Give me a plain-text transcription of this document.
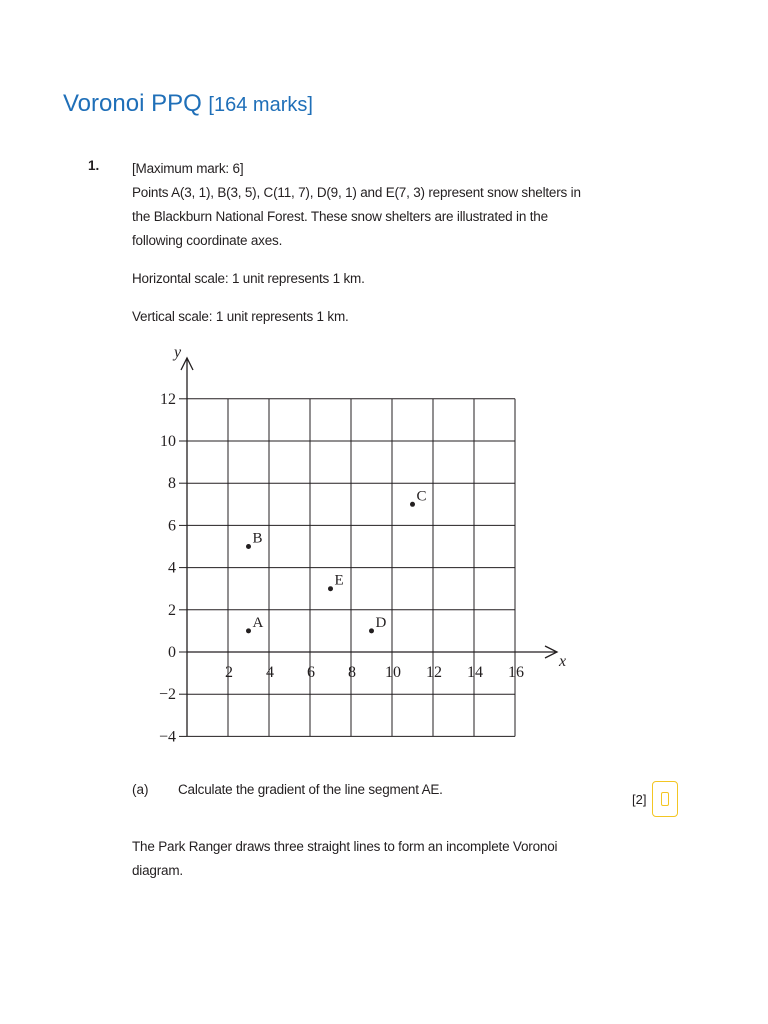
Voronoi PPQ [164 marks]
1. [Maximum mark: 6]

Points A(3, 1), B(3, 5), C(11, 7), D(9, 1) and E(7, 3) represent snow shelters in the Blackburn National Forest. These snow shelters are illustrated in the following coordinate axes.

Horizontal scale: 1 unit represents 1 km.

Vertical scale: 1 unit represents 1 km.

12
10
8
6
4
2
0
−2
−4
2 4 6 8 10 12 14 16
y
x
A
B
C
D
E
(a) Calculate the gradient of the line segment AE.
[2]
The Park Ranger draws three straight lines to form an incomplete Voronoi diagram.
